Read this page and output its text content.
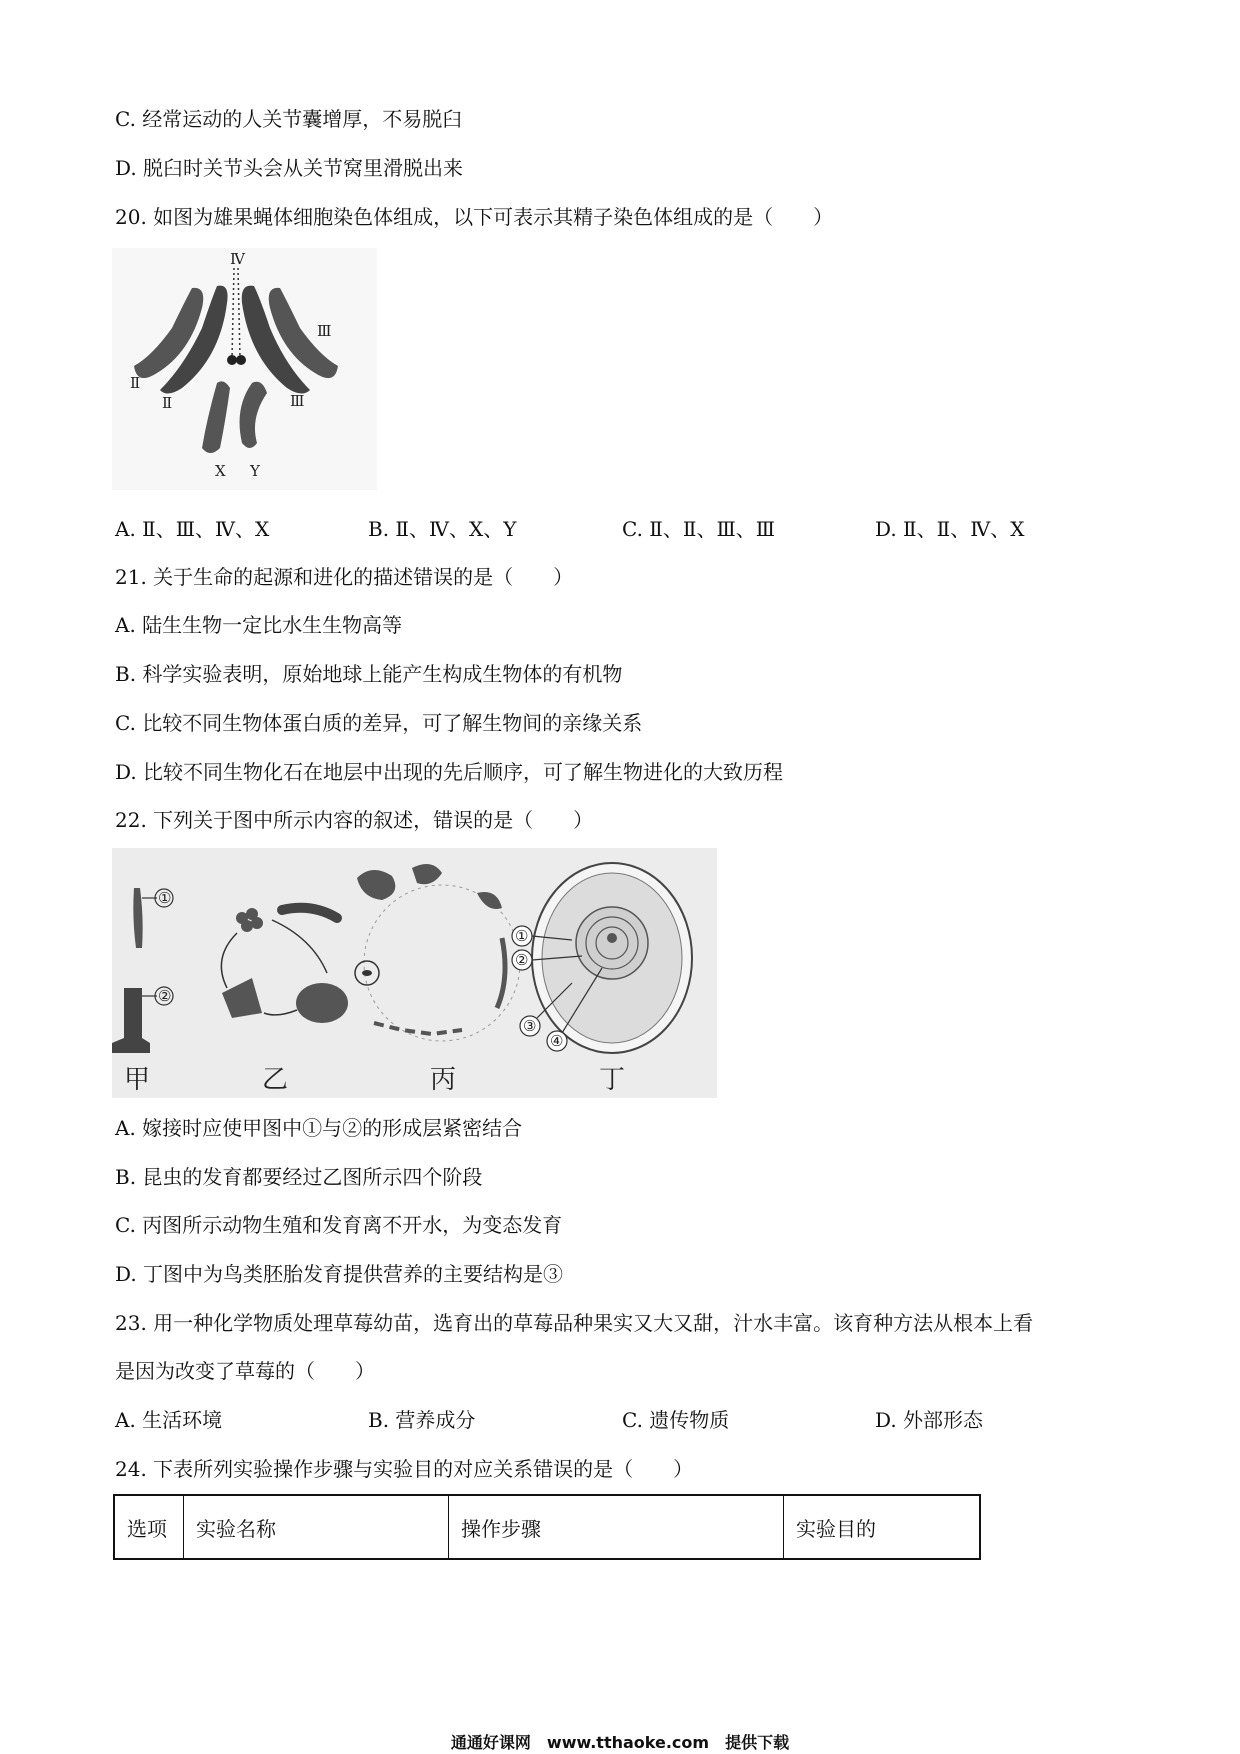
C. 经常运动的人关节囊增厚，不易脱臼
D. 脱臼时关节头会从关节窝里滑脱出来
20. 如图为雄果蝇体细胞染色体组成，以下可表示其精子染色体组成的是（　　）
Ⅳ
Ⅱ
Ⅱ
Ⅲ
Ⅲ
X Y
A. Ⅱ、Ⅲ、Ⅳ、X	B. Ⅱ、Ⅳ、X、Y	C. Ⅱ、Ⅱ、Ⅲ、Ⅲ	D. Ⅱ、Ⅱ、Ⅳ、X
21. 关于生命的起源和进化的描述错误的是（　　）
A. 陆生生物一定比水生生物高等
B. 科学实验表明，原始地球上能产生构成生物体的有机物
C. 比较不同生物体蛋白质的差异，可了解生物间的亲缘关系
D. 比较不同生物化石在地层中出现的先后顺序，可了解生物进化的大致历程
22. 下列关于图中所示内容的叙述，错误的是（　　）
①
②
①
②
③
④
甲	乙	丙	丁
A. 嫁接时应使甲图中①与②的形成层紧密结合
B. 昆虫的发育都要经过乙图所示四个阶段
C. 丙图所示动物生殖和发育离不开水，为变态发育
D. 丁图中为鸟类胚胎发育提供营养的主要结构是③
23. 用一种化学物质处理草莓幼苗，选育出的草莓品种果实又大又甜，汁水丰富。该育种方法从根本上看
是因为改变了草莓的（　　）
A. 生活环境	B. 营养成分	C. 遗传物质	D. 外部形态
24. 下表所列实验操作步骤与实验目的对应关系错误的是（　　）
选项	实验名称	操作步骤	实验目的
通通好课网　www.tthaoke.com　提供下载
